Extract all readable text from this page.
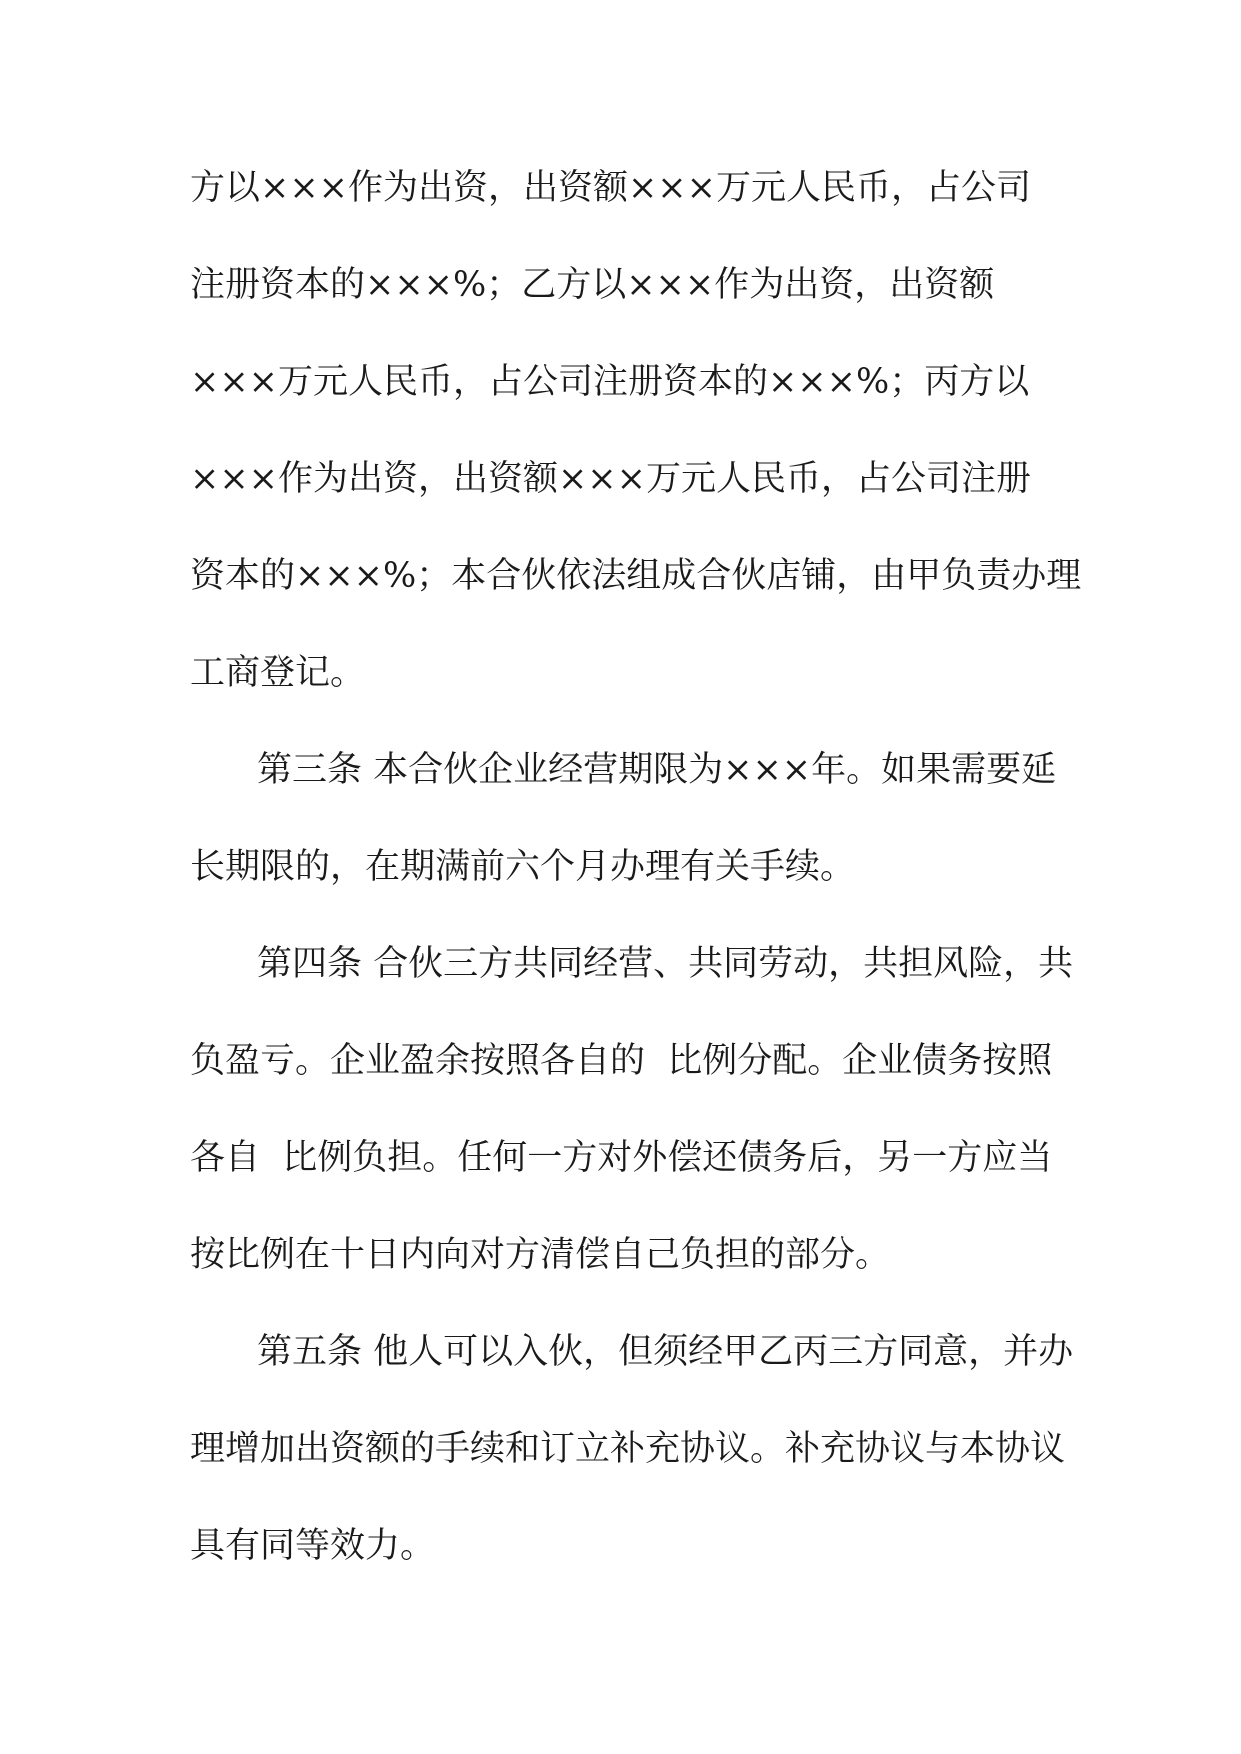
方以×××作为出资，出资额×××万元人民币，占公司
注册资本的×××%；乙方以×××作为出资，出资额
×××万元人民币，占公司注册资本的×××%；丙方以
×××作为出资，出资额×××万元人民币，占公司注册
资本的×××%；本合伙依法组成合伙店铺，由甲负责办理
工商登记。
第三条 本合伙企业经营期限为×××年。如果需要延
长期限的，在期满前六个月办理有关手续。
第四条 合伙三方共同经营、共同劳动，共担风险，共
负盈亏。企业盈余按照各自的  比例分配。企业债务按照
各自  比例负担。任何一方对外偿还债务后，另一方应当
按比例在十日内向对方清偿自己负担的部分。
第五条 他人可以入伙，但须经甲乙丙三方同意，并办
理增加出资额的手续和订立补充协议。补充协议与本协议
具有同等效力。
